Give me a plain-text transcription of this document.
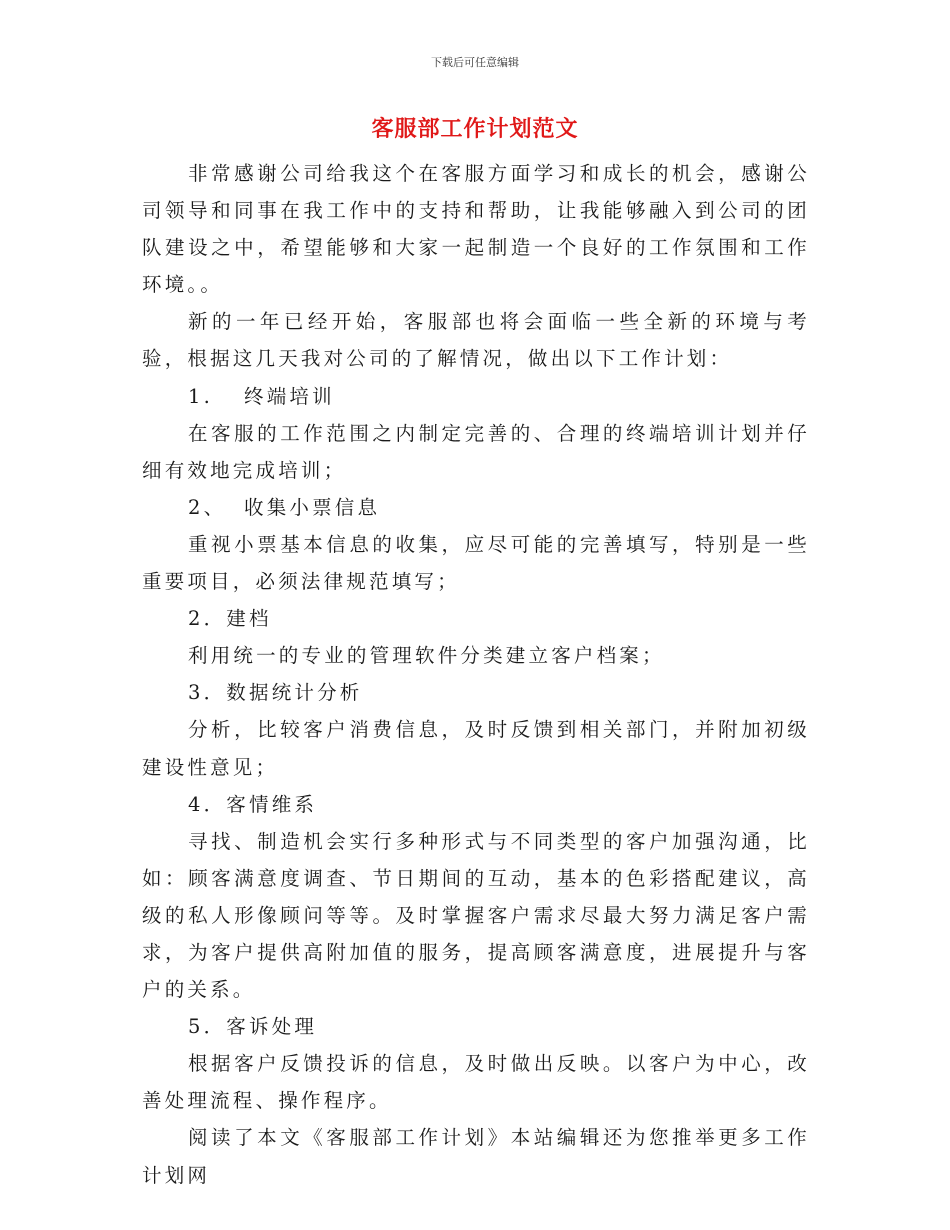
下载后可任意编辑
客服部工作计划范文

非常感谢公司给我这个在客服方面学习和成长的机会，感谢公司领导和同事在我工作中的支持和帮助，让我能够融入到公司的团队建设之中，希望能够和大家一起制造一个良好的工作氛围和工作环境。。

新的一年已经开始，客服部也将会面临一些全新的环境与考验，根据这几天我对公司的了解情况，做出以下工作计划：

1. 终端培训

在客服的工作范围之内制定完善的、合理的终端培训计划并仔细有效地完成培训；

2、 收集小票信息

重视小票基本信息的收集，应尽可能的完善填写，特别是一些重要项目，必须法律规范填写；

2．建档

利用统一的专业的管理软件分类建立客户档案；

3．数据统计分析

分析，比较客户消费信息，及时反馈到相关部门，并附加初级建设性意见；

4．客情维系

寻找、制造机会实行多种形式与不同类型的客户加强沟通，比如：顾客满意度调查、节日期间的互动，基本的色彩搭配建议，高级的私人形像顾问等等。及时掌握客户需求尽最大努力满足客户需求，为客户提供高附加值的服务，提高顾客满意度，进展提升与客户的关系。

5．客诉处理

根据客户反馈投诉的信息，及时做出反映。以客户为中心，改善处理流程、操作程序。

阅读了本文《客服部工作计划》本站编辑还为您推举更多工作计划网
